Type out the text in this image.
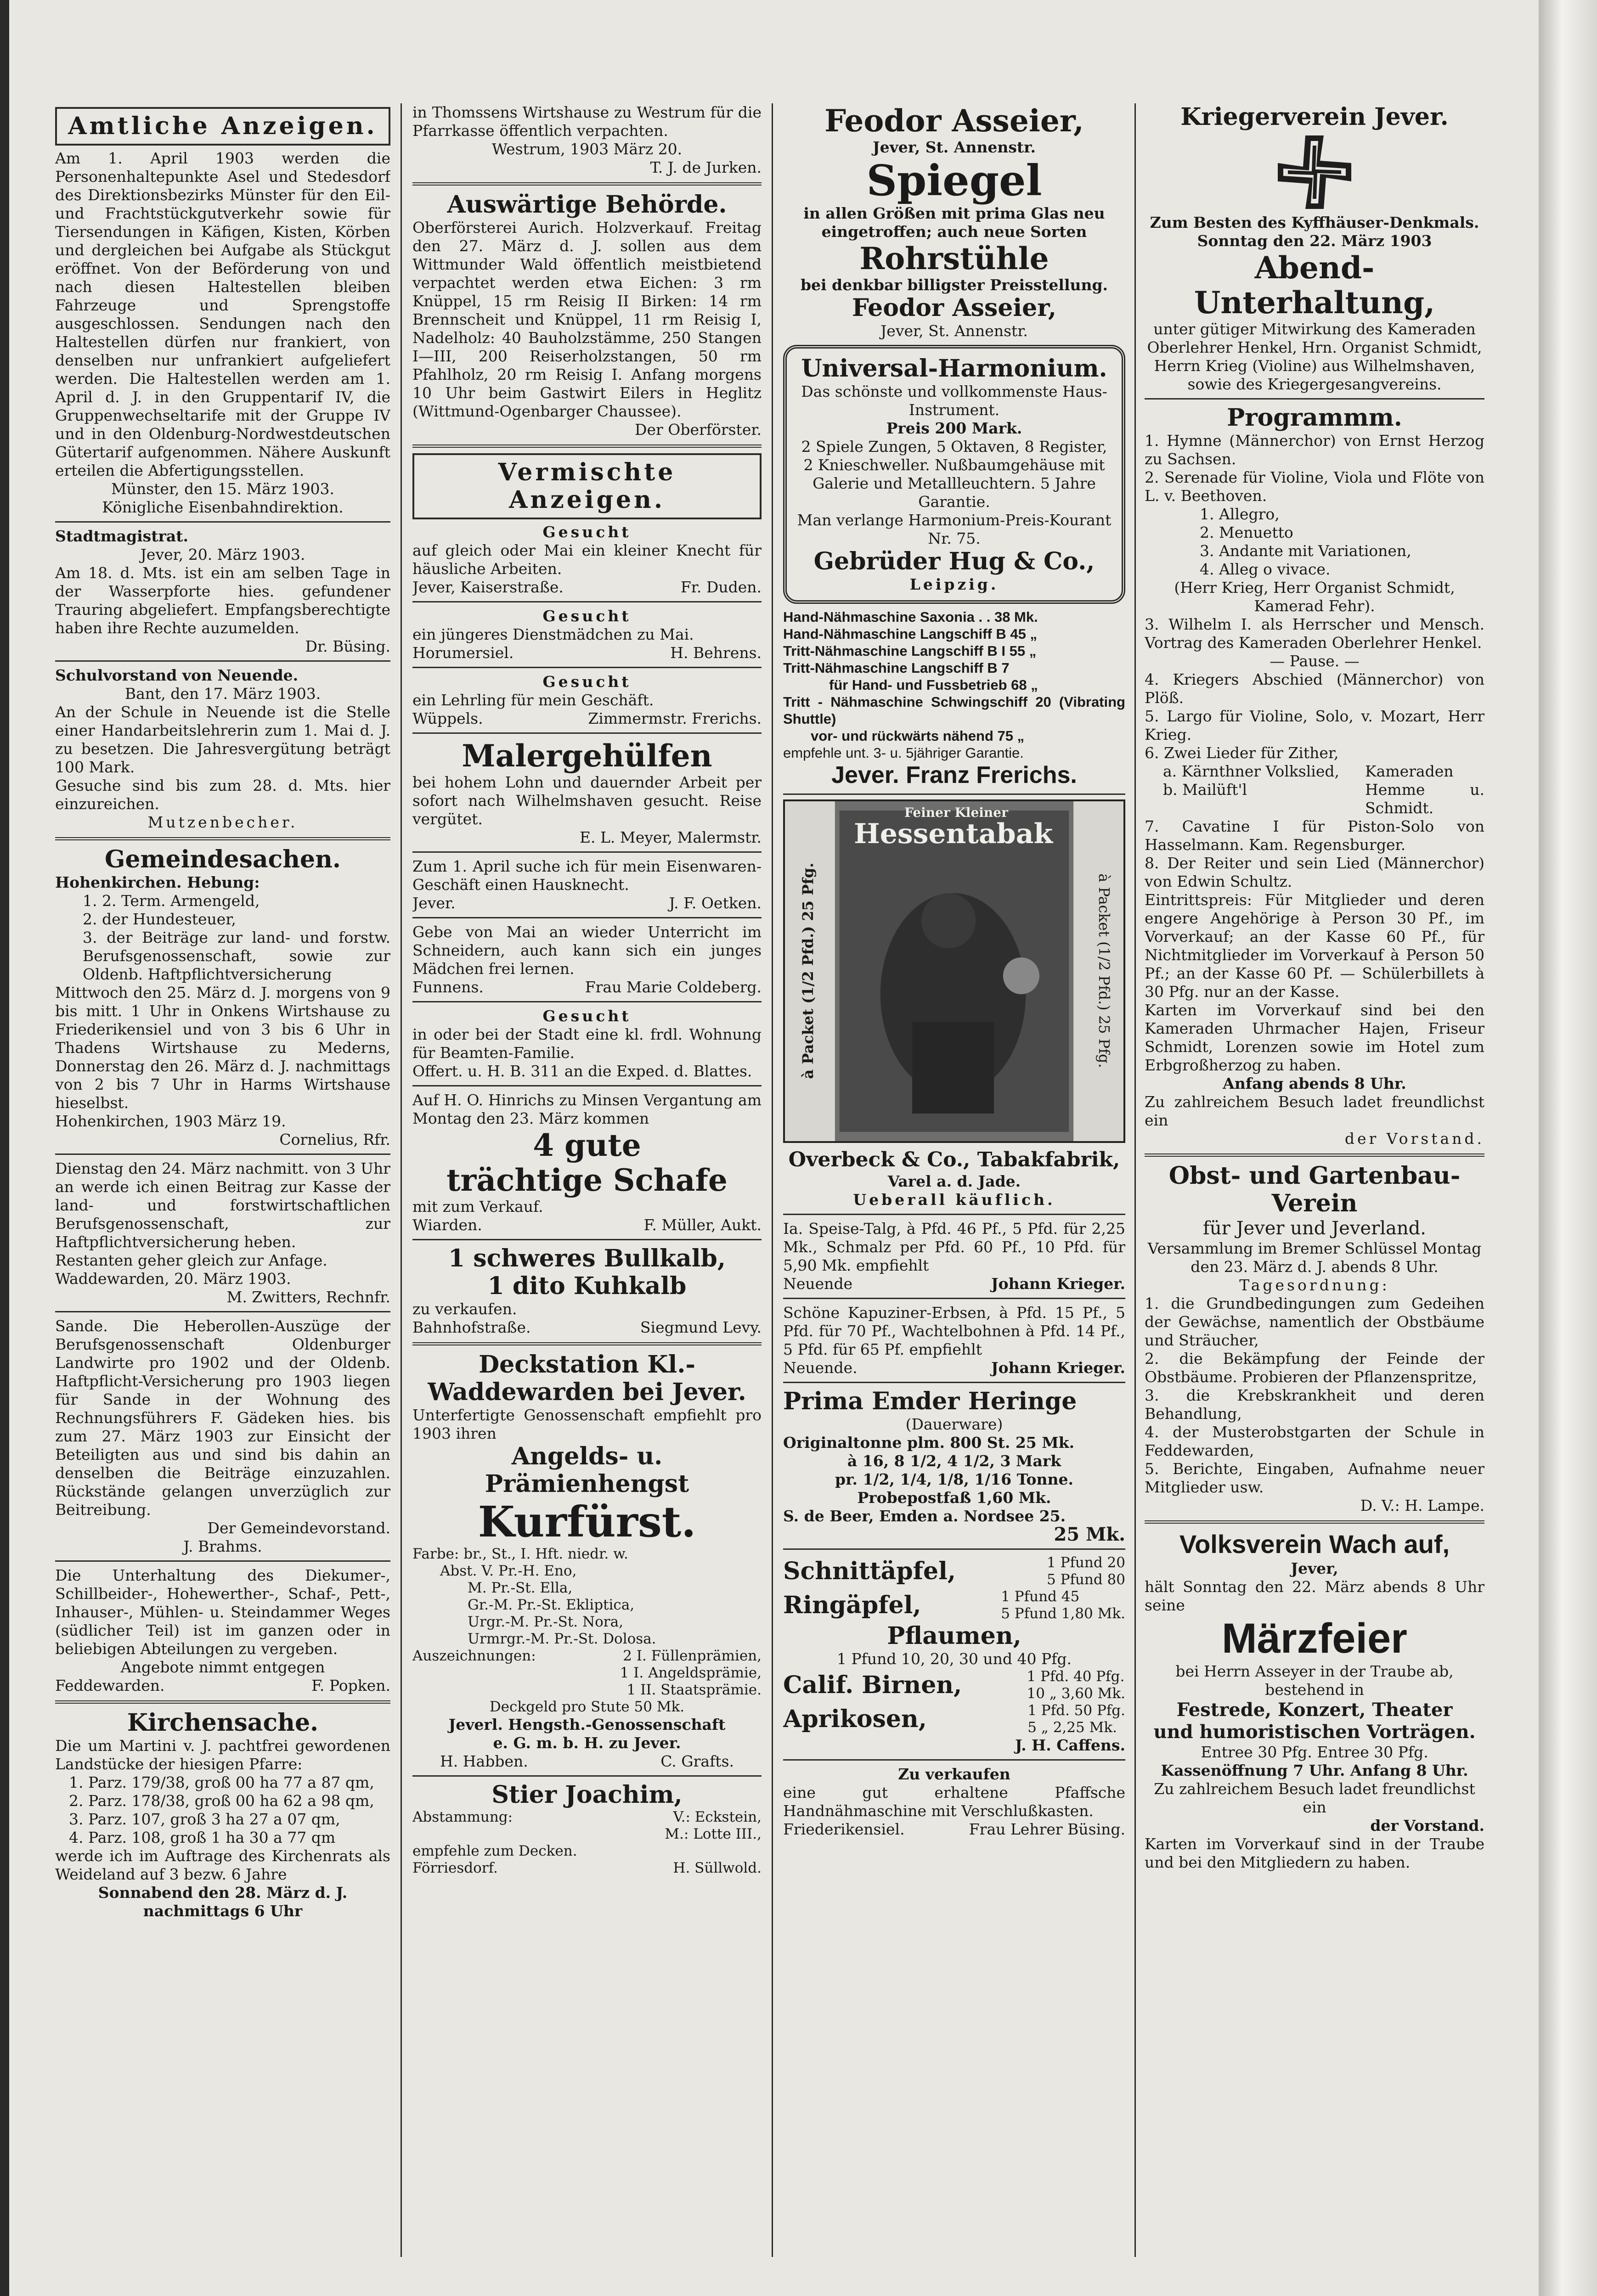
Amtliche Anzeigen.

Am 1. April 1903 werden die Personenhaltepunkte Asel und Stedesdorf des Direktionsbezirks Münster für den Eil- und Frachtstückgutverkehr sowie für Tiersendungen in Käfigen, Kisten, Körben und dergleichen bei Aufgabe als Stückgut eröffnet. Von der Beförderung von und nach diesen Haltestellen bleiben Fahrzeuge und Sprengstoffe ausgeschlossen. Sendungen nach den Haltestellen dürfen nur frankiert, von denselben nur unfrankiert aufgeliefert werden. Die Haltestellen werden am 1. April d. J. in den Gruppentarif IV, die Gruppenwechseltarife mit der Gruppe IV und in den Oldenburg-Nordwestdeutschen Gütertarif aufgenommen. Nähere Auskunft erteilen die Abfertigungsstellen.

Münster, den 15. März 1903.

Königliche Eisenbahndirektion.

Stadtmagistrat.

Jever, 20. März 1903.

Am 18. d. Mts. ist ein am selben Tage in der Wasserpforte hies. gefundener Trauring abgeliefert. Empfangsberechtigte haben ihre Rechte auzumelden.

Dr. Büsing.

Schulvorstand von Neuende.

Bant, den 17. März 1903.

An der Schule in Neuende ist die Stelle einer Handarbeitslehrerin zum 1. Mai d. J. zu besetzen. Die Jahresvergütung beträgt 100 Mark.

Gesuche sind bis zum 28. d. Mts. hier einzureichen.

Mutzenbecher.

Gemeindesachen.

Hohenkirchen. Hebung:

1. 2. Term. Armengeld,

2. der Hundesteuer,

3. der Beiträge zur land- und forstw. Berufsgenossenschaft, sowie zur Oldenb. Haftpflichtversicherung

Mittwoch den 25. März d. J. morgens von 9 bis mitt. 1 Uhr in Onkens Wirtshause zu Friederikensiel und von 3 bis 6 Uhr in Thadens Wirtshause zu Mederns, Donnerstag den 26. März d. J. nachmittags von 2 bis 7 Uhr in Harms Wirtshause hieselbst.

Hohenkirchen, 1903 März 19.

Cornelius, Rfr.

Dienstag den 24. März nachmitt. von 3 Uhr an werde ich einen Beitrag zur Kasse der land- und forstwirtschaftlichen Berufsgenossenschaft, zur Haftpflichtversicherung heben.

Restanten geher gleich zur Anfage.

Waddewarden, 20. März 1903.

M. Zwitters, Rechnfr.

Sande. Die Heberollen-Auszüge der Berufsgenossenschaft Oldenburger Landwirte pro 1902 und der Oldenb. Haftpflicht-Versicherung pro 1903 liegen für Sande in der Wohnung des Rechnungsführers F. Gädeken hies. bis zum 27. März 1903 zur Einsicht der Beteiligten aus und sind bis dahin an denselben die Beiträge einzuzahlen. Rückstände gelangen unverzüglich zur Beitreibung.

Der Gemeindevorstand.

J. Brahms.

Die Unterhaltung des Diekumer-, Schillbeider-, Hohewerther-, Schaf-, Pett-, Inhauser-, Mühlen- u. Steindammer Weges (südlicher Teil) ist im ganzen oder in beliebigen Abteilungen zu vergeben.

Angebote nimmt entgegen

Feddewarden.	F. Popken.
Kirchensache.

Die um Martini v. J. pachtfrei gewordenen Landstücke der hiesigen Pfarre:

1. Parz. 179/38, groß 00 ha 77 a 87 qm,

2. Parz. 178/38, groß 00 ha 62 a 98 qm,

3. Parz. 107, groß 3 ha 27 a 07 qm,

4. Parz. 108, groß 1 ha 30 a 77 qm

werde ich im Auftrage des Kirchenrats als Weideland auf 3 bezw. 6 Jahre

Sonnabend den 28. März d. J. nachmittags 6 Uhr

in Thomssens Wirtshause zu Westrum für die Pfarrkasse öffentlich verpachten.

Westrum, 1903 März 20.

T. J. de Jurken.

Auswärtige Behörde.

Oberförsterei Aurich. Holzverkauf. Freitag den 27. März d. J. sollen aus dem Wittmunder Wald öffentlich meistbietend verpachtet werden etwa Eichen: 3 rm Knüppel, 15 rm Reisig II Birken: 14 rm Brennscheit und Knüppel, 11 rm Reisig I, Nadelholz: 40 Bauholzstämme, 250 Stangen I—III, 200 Reiserholzstangen, 50 rm Pfahlholz, 20 rm Reisig I. Anfang morgens 10 Uhr beim Gastwirt Eilers in Heglitz (Wittmund-Ogenbarger Chaussee).

Der Oberförster.

Vermischte Anzeigen.

Gesucht

auf gleich oder Mai ein kleiner Knecht für häusliche Arbeiten.

Jever, Kaiserstraße.	Fr. Duden.

Gesucht

ein jüngeres Dienstmädchen zu Mai.

Horumersiel.	H. Behrens.

Gesucht

ein Lehrling für mein Geschäft.

Wüppels.	Zimmermstr. Frerichs.
Malergehülfen

bei hohem Lohn und dauernder Arbeit per sofort nach Wilhelmshaven gesucht. Reise vergütet.

E. L. Meyer, Malermstr.

Zum 1. April suche ich für mein Eisenwaren-Geschäft einen Hausknecht.

Jever.	J. F. Oetken.

Gebe von Mai an wieder Unterricht im Schneidern, auch kann sich ein junges Mädchen frei lernen.

Funnens.	Frau Marie Coldeberg.

Gesucht

in oder bei der Stadt eine kl. frdl. Wohnung für Beamten-Familie.

Offert. u. H. B. 311 an die Exped. d. Blattes.

Auf H. O. Hinrichs zu Minsen Vergantung am Montag den 23. März kommen

4 gute
trächtige Schafe

mit zum Verkauf.

Wiarden.	F. Müller, Aukt.
1 schweres Bullkalb,
1 dito Kuhkalb

zu verkaufen.

Bahnhofstraße.	Siegmund Levy.
Deckstation Kl.-Waddewarden bei Jever.

Unterfertigte Genossenschaft empfiehlt pro 1903 ihren

Angelds- u. Prämienhengst
Kurfürst.

Farbe: br., St., I. Hft. niedr. w.

Abst. V. Pr.-H. Eno,

M. Pr.-St. Ella,

Gr.-M. Pr.-St. Ekliptica,

Urgr.-M. Pr.-St. Nora,

Urmrgr.-M. Pr.-St. Dolosa.

Auszeichnungen:	2 I. Füllenprämien,

1 I. Angeldsprämie,

1 II. Staatsprämie.

Deckgeld pro Stute 50 Mk.

Jeverl. Hengsth.-Genossenschaft

e. G. m. b. H. zu Jever.

H. Habben.	C. Grafts.
Stier Joachim,
Abstammung:	V.: Eckstein,

M.: Lotte III.,

empfehle zum Decken.

Förriesdorf.	H. Süllwold.
Feodor Asseier,

Jever, St. Annenstr.

Spiegel

in allen Größen mit prima Glas neu eingetroffen; auch neue Sorten

Rohrstühle

bei denkbar billigster Preisstellung.

Feodor Asseier,

Jever, St. Annenstr.

Universal-Harmonium.

Das schönste und vollkommenste Haus-Instrument.

Preis 200 Mark.

2 Spiele Zungen, 5 Oktaven, 8 Register, 2 Knieschweller. Nußbaumgehäuse mit Galerie und Metallleuchtern. 5 Jahre Garantie.

Man verlange Harmonium-Preis-Kourant Nr. 75.

Gebrüder Hug & Co.,

Leipzig.

Hand-Nähmaschine Saxonia . . 38 Mk.

Hand-Nähmaschine Langschiff B 45 „

Tritt-Nähmaschine Langschiff B I 55 „

Tritt-Nähmaschine Langschiff B 7

für Hand- und Fussbetrieb 68 „

Tritt - Nähmaschine Schwingschiff 20 (Vibrating Shuttle)

vor- und rückwärts nähend 75 „

empfehle unt. 3- u. 5jähriger Garantie.

Jever. Franz Frerichs.
Feiner Kleiner
Hessentabak
à Packet (1/2 Pfd.) 25 Pfg.	à Packet (1/2 Pfd.) 25 Pfg.
Overbeck & Co., Tabakfabrik,

Varel a. d. Jade.

Ueberall käuflich.

Ia. Speise-Talg, à Pfd. 46 Pf., 5 Pfd. für 2,25 Mk., Schmalz per Pfd. 60 Pf., 10 Pfd. für 5,90 Mk. empfiehlt

Neuende	Johann Krieger.

Schöne Kapuziner-Erbsen, à Pfd. 15 Pf., 5 Pfd. für 70 Pf., Wachtelbohnen à Pfd. 14 Pf., 5 Pfd. für 65 Pf. empfiehlt

Neuende.	Johann Krieger.
Prima Emder Heringe

(Dauerware)

Originaltonne plm. 800 St. 25 Mk.

à 16, 8 1/2, 4 1/2, 3 Mark

pr. 1/2, 1/4, 1/8, 1/16 Tonne.

Probepostfaß 1,60 Mk.

S. de Beer, Emden a. Nordsee 25.

25 Mk.

Schnittäpfel,	1 Pfund 20
5 Pfund 80
Ringäpfel,	1 Pfund 45
5 Pfund 1,80 Mk.
Pflaumen,

1 Pfund 10, 20, 30 und 40 Pfg.

Calif. Birnen,	1 Pfd. 40 Pfg.
10 „ 3,60 Mk.
Aprikosen,	1 Pfd. 50 Pfg.
5 „ 2,25 Mk.

J. H. Caffens.

Zu verkaufen

eine gut erhaltene Pfaffsche Handnähmaschine mit Verschlußkasten.

Friederikensiel.	Frau Lehrer Büsing.
Kriegerverein Jever.

Zum Besten des Kyffhäuser-Denkmals.

Sonntag den 22. März 1903

Abend-Unterhaltung,

unter gütiger Mitwirkung des Kameraden Oberlehrer Henkel, Hrn. Organist Schmidt, Herrn Krieg (Violine) aus Wilhelmshaven, sowie des Kriegergesangvereins.

Programmm.

1. Hymne (Männerchor) von Ernst Herzog zu Sachsen.

2. Serenade für Violine, Viola und Flöte von L. v. Beethoven.

1. Allegro,

2. Menuetto

3. Andante mit Variationen,

4. Alleg o vivace.

(Herr Krieg, Herr Organist Schmidt, Kamerad Fehr).

3. Wilhelm I. als Herrscher und Mensch. Vortrag des Kameraden Oberlehrer Henkel.

— Pause. —

4. Kriegers Abschied (Männerchor) von Plöß.

5. Largo für Violine, Solo, v. Mozart, Herr Krieg.

6. Zwei Lieder für Zither,

a. Kärnthner Volkslied,
b. Mailüft'l
Kameraden Hemme u. Schmidt.

7. Cavatine I für Piston-Solo von Hasselmann. Kam. Regensburger.

8. Der Reiter und sein Lied (Männerchor) von Edwin Schultz.

Eintrittspreis: Für Mitglieder und deren engere Angehörige à Person 30 Pf., im Vorverkauf; an der Kasse 60 Pf., für Nichtmitglieder im Vorverkauf à Person 50 Pf.; an der Kasse 60 Pf. — Schülerbillets à 30 Pfg. nur an der Kasse.

Karten im Vorverkauf sind bei den Kameraden Uhrmacher Hajen, Friseur Schmidt, Lorenzen sowie im Hotel zum Erbgroßherzog zu haben.

Anfang abends 8 Uhr.

Zu zahlreichem Besuch ladet freundlichst ein

der Vorstand.

Obst- und Gartenbau-Verein

für Jever und Jeverland.

Versammlung im Bremer Schlüssel Montag den 23. März d. J. abends 8 Uhr.

Tagesordnung:

1. die Grundbedingungen zum Gedeihen der Gewächse, namentlich der Obstbäume und Sträucher,

2. die Bekämpfung der Feinde der Obstbäume. Probieren der Pflanzenspritze,

3. die Krebskrankheit und deren Behandlung,

4. der Musterobstgarten der Schule in Feddewarden,

5. Berichte, Eingaben, Aufnahme neuer Mitglieder usw.

D. V.: H. Lampe.

Volksverein Wach auf,

Jever,

hält Sonntag den 22. März abends 8 Uhr seine

Märzfeier

bei Herrn Asseyer in der Traube ab, bestehend in

Festrede, Konzert, Theater

und humoristischen Vorträgen.

Entree 30 Pfg. Entree 30 Pfg.

Kassenöffnung 7 Uhr. Anfang 8 Uhr.

Zu zahlreichem Besuch ladet freundlichst ein

der Vorstand.

Karten im Vorverkauf sind in der Traube und bei den Mitgliedern zu haben.
